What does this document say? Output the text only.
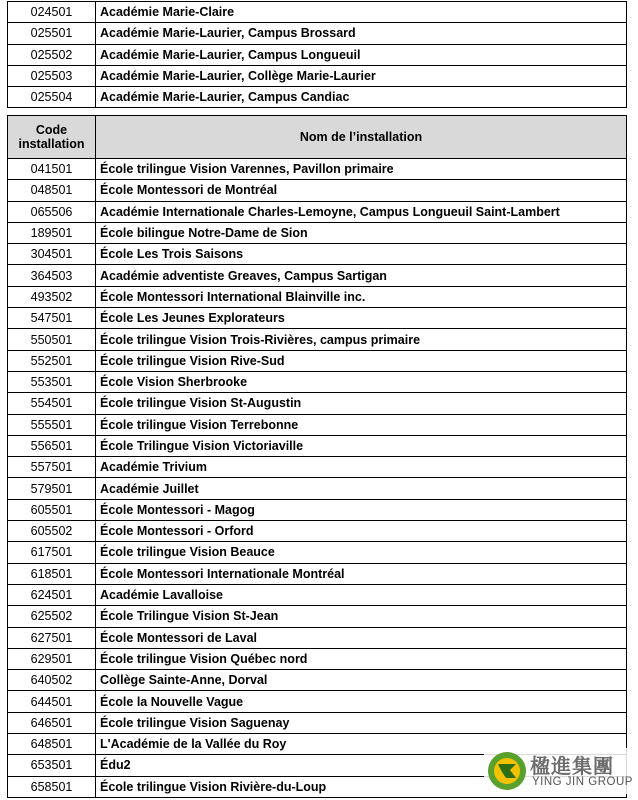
024501	Académie Marie-Claire
025501	Académie Marie-Laurier, Campus Brossard
025502	Académie Marie-Laurier, Campus Longueuil
025503	Académie Marie-Laurier, Collège Marie-Laurier
025504	Académie Marie-Laurier, Campus Candiac
Code installation	Nom de l’installation
041501	École trilingue Vision Varennes, Pavillon primaire
048501	École Montessori de Montréal
065506	Académie Internationale Charles-Lemoyne, Campus Longueuil Saint-Lambert
189501	École bilingue Notre-Dame de Sion
304501	École Les Trois Saisons
364503	Académie adventiste Greaves, Campus Sartigan
493502	École Montessori International Blainville inc.
547501	École Les Jeunes Explorateurs
550501	École trilingue Vision Trois-Rivières, campus primaire
552501	École trilingue Vision Rive-Sud
553501	École Vision Sherbrooke
554501	École trilingue Vision St-Augustin
555501	École trilingue Vision Terrebonne
556501	École Trilingue Vision Victoriaville
557501	Académie Trivium
579501	Académie Juillet
605501	École Montessori - Magog
605502	École Montessori - Orford
617501	École trilingue Vision Beauce
618501	École Montessori Internationale Montréal
624501	Académie Lavalloise
625502	École Trilingue Vision St-Jean
627501	École Montessori de Laval
629501	École trilingue Vision Québec nord
640502	Collège Sainte-Anne, Dorval
644501	École la Nouvelle Vague
646501	École trilingue Vision Saguenay
648501	L'Académie de la Vallée du Roy
653501	Édu2
658501	École trilingue Vision Rivière-du-Loup
楹進集團
YING JIN GROUP
